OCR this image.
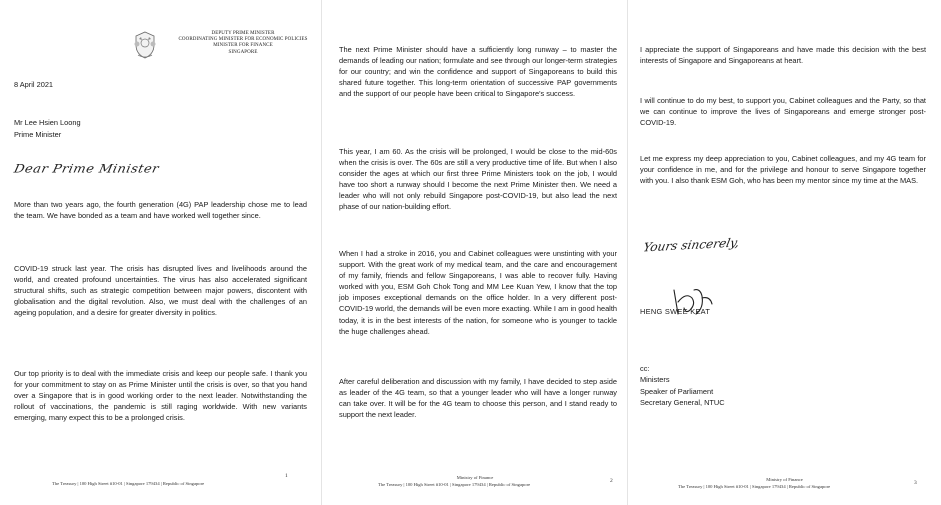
DEPUTY PRIME MINISTER
COORDINATING MINISTER FOR ECONOMIC POLICIES
MINISTER FOR FINANCE
SINGAPORE
8 April 2021
Mr Lee Hsien Loong
Prime Minister
Dear Prime Minister

More than two years ago, the fourth generation (4G) PAP leadership chose me to lead the team. We have bonded as a team and have worked well together since.

COVID-19 struck last year. The crisis has disrupted lives and livelihoods around the world, and created profound uncertainties. The virus has also accelerated significant structural shifts, such as strategic competition between major powers, discontent with globalisation and the digital revolution. Also, we must deal with the challenges of an ageing population, and a desire for greater diversity in politics.

Our top priority is to deal with the immediate crisis and keep our people safe. I thank you for your commitment to stay on as Prime Minister until the crisis is over, so that you hand over a Singapore that is in good working order to the next leader. Notwithstanding the rollout of vaccinations, the pandemic is still raging worldwide. With new variants emerging, many expect this to be a prolonged crisis.

The Treasury | 100 High Street #10-01 | Singapore 179434 | Republic of Singapore
1

The next Prime Minister should have a sufficiently long runway – to master the demands of leading our nation; formulate and see through our longer-term strategies for our country; and win the confidence and support of Singaporeans to build this shared future together. This long-term orientation of successive PAP governments and the support of our people have been critical to Singapore's success.

This year, I am 60. As the crisis will be prolonged, I would be close to the mid-60s when the crisis is over. The 60s are still a very productive time of life. But when I also consider the ages at which our first three Prime Ministers took on the job, I would have too short a runway should I become the next Prime Minister then. We need a leader who will not only rebuild Singapore post-COVID-19, but also lead the next phase of our nation-building effort.

When I had a stroke in 2016, you and Cabinet colleagues were unstinting with your support. With the great work of my medical team, and the care and encouragement of my family, friends and fellow Singaporeans, I was able to recover fully. Having worked with you, ESM Goh Chok Tong and MM Lee Kuan Yew, I know that the top job imposes exceptional demands on the office holder. In a very different post-COVID-19 world, the demands will be even more exacting. While I am in good health today, it is in the best interests of the nation, for someone who is younger to tackle the huge challenges ahead.

After careful deliberation and discussion with my family, I have decided to step aside as leader of the 4G team, so that a younger leader who will have a longer runway can take over. It will be for the 4G team to choose this person, and I stand ready to support the next leader.

Ministry of Finance
The Treasury | 100 High Street #10-01 | Singapore 179434 | Republic of Singapore
2

I appreciate the support of Singaporeans and have made this decision with the best interests of Singapore and Singaporeans at heart.

I will continue to do my best, to support you, Cabinet colleagues and the Party, so that we can continue to improve the lives of Singaporeans and emerge stronger post-COVID-19.

Let me express my deep appreciation to you, Cabinet colleagues, and my 4G team for your confidence in me, and for the privilege and honour to serve Singapore together with you. I also thank ESM Goh, who has been my mentor since my time at the MAS.

Yours sincerely,
HENG SWEE KEAT
cc:
Ministers
Speaker of Parliament
Secretary General, NTUC
Ministry of Finance
The Treasury | 100 High Street #10-01 | Singapore 179434 | Republic of Singapore
3
